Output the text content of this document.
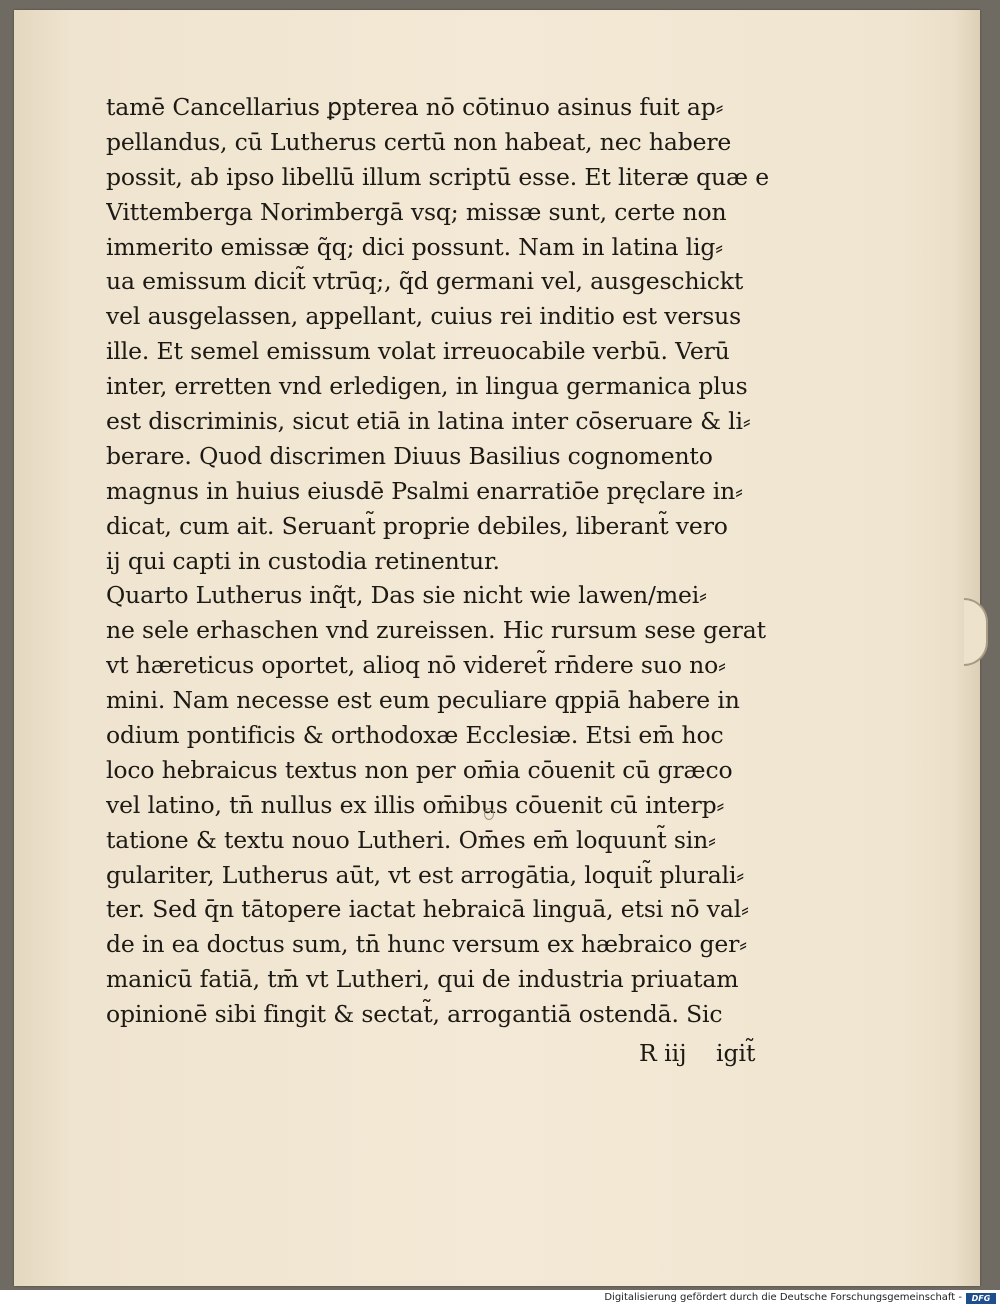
tamē Cancellarius ꝑpterea nō cōtinuo asinus fuit ap⸗
pellandus, cū Lutherus certū non habeat, nec habere
possit, ab ipso libellū illum scriptū esse. Et literæ quæ e
Vittemberga Norimbergā vsq; missæ sunt, certe non
immerito emissæ q̃q; dici possunt. Nam in latina lig⸗
ua emissum dicit̃ vtrūq;, q̃d germani vel, ausgeschickt
vel ausgelassen, appellant, cuius rei inditio est versus
ille. Et semel emissum volat irreuocabile verbū. Verū
inter, erretten vnd erledigen, in lingua germanica plus
est discriminis, sicut etiā in latina inter cōseruare & li⸗
berare. Quod discrimen Diuus Basilius cognomento
magnus in huius eiusdē Psalmi enarratiōe pręclare in⸗
dicat, cum ait. Seruant̃ proprie debiles, liberant̃ vero
ij qui capti in custodia retinentur.
Quarto Lutherus inq̃t, Das sie nicht wie lawen/mei⸗
ne sele erhaschen vnd zureissen. Hic rursum sese gerat
vt hæreticus oportet, alioq nō videret̃ rn̄dere suo no⸗
mini. Nam necesse est eum peculiare qppiā habere in
odium pontificis & orthodoxæ Ecclesiæ. Etsi em̄ hoc
loco hebraicus textus non per om̄ia cōuenit cū græco
vel latino, tn̄ nullus ex illis om̄ibus cōuenit cū interp⸗
tatione & textu nouo Lutheri. Om̄es em̄ loquunt̃ sin⸗
gulariter, Lutherus aūt, vt est arrogātia, loquit̃ plurali⸗
ter. Sed q̄n tātopere iactat hebraicā linguā, etsi nō val⸗
de in ea doctus sum, tn̄ hunc versum ex hæbraico ger⸗
manicū fatiā, tm̄ vt Lutheri, qui de industria priuatam
opinionē sibi fingit & sectat̃, arrogantiā ostendā. Sic
R iij igit̃
Digitalisierung gefördert durch die Deutsche Forschungsgemeinschaft -	DFG
